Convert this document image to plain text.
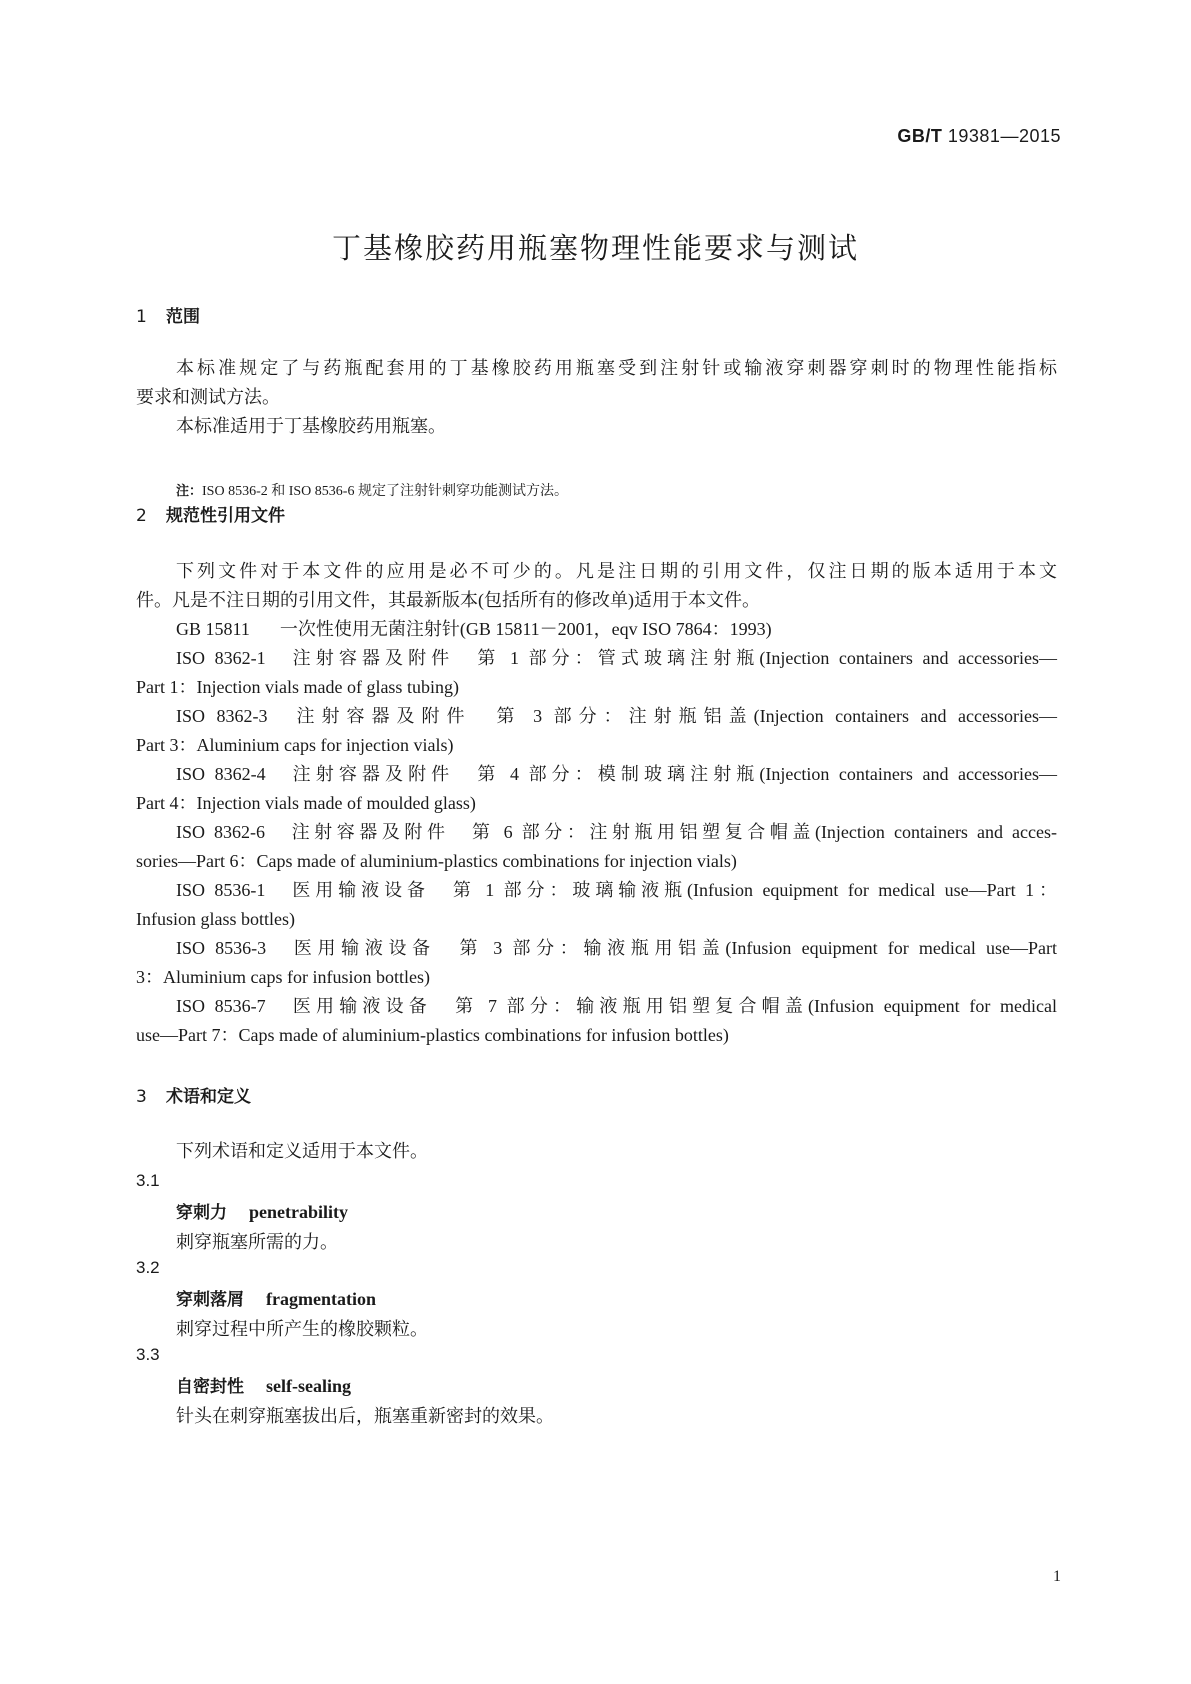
GB/T 19381—2015
丁基橡胶药用瓶塞物理性能要求与测试
1 范围
本标准规定了与药瓶配套用的丁基橡胶药用瓶塞受到注射针或输液穿刺器穿刺时的物理性能指标
要求和测试方法。
本标准适用于丁基橡胶药用瓶塞。
注：ISO 8536-2 和 ISO 8536-6 规定了注射针刺穿功能测试方法。
2 规范性引用文件
下列文件对于本文件的应用是必不可少的。凡是注日期的引用文件，仅注日期的版本适用于本文
件。凡是不注日期的引用文件，其最新版本(包括所有的修改单)适用于本文件。
GB 15811 一次性使用无菌注射针(GB 15811－2001，eqv ISO 7864：1993)
ISO 8362-1 注射容器及附件　第 1 部分：管式玻璃注射瓶(Injection containers and accessories—
Part 1：Injection vials made of glass tubing)
ISO 8362-3 注射容器及附件　第 3 部分：注射瓶铝盖(Injection containers and accessories—
Part 3：Aluminium caps for injection vials)
ISO 8362-4 注射容器及附件　第 4 部分：模制玻璃注射瓶(Injection containers and accessories—
Part 4：Injection vials made of moulded glass)
ISO 8362-6 注射容器及附件　第 6 部分：注射瓶用铝塑复合帽盖(Injection containers and acces-
sories—Part 6：Caps made of aluminium-plastics combinations for injection vials)
ISO 8536-1 医用输液设备　第 1 部分：玻璃输液瓶(Infusion equipment for medical use—Part 1：
Infusion glass bottles)
ISO 8536-3 医用输液设备　第 3 部分：输液瓶用铝盖(Infusion equipment for medical use—Part
3：Aluminium caps for infusion bottles)
ISO 8536-7 医用输液设备　第 7 部分：输液瓶用铝塑复合帽盖(Infusion equipment for medical
use—Part 7：Caps made of aluminium-plastics combinations for infusion bottles)
3 术语和定义
下列术语和定义适用于本文件。
3.1
穿刺力 penetrability
刺穿瓶塞所需的力。
3.2
穿刺落屑 fragmentation
刺穿过程中所产生的橡胶颗粒。
3.3
自密封性 self-sealing
针头在刺穿瓶塞拔出后，瓶塞重新密封的效果。
1
